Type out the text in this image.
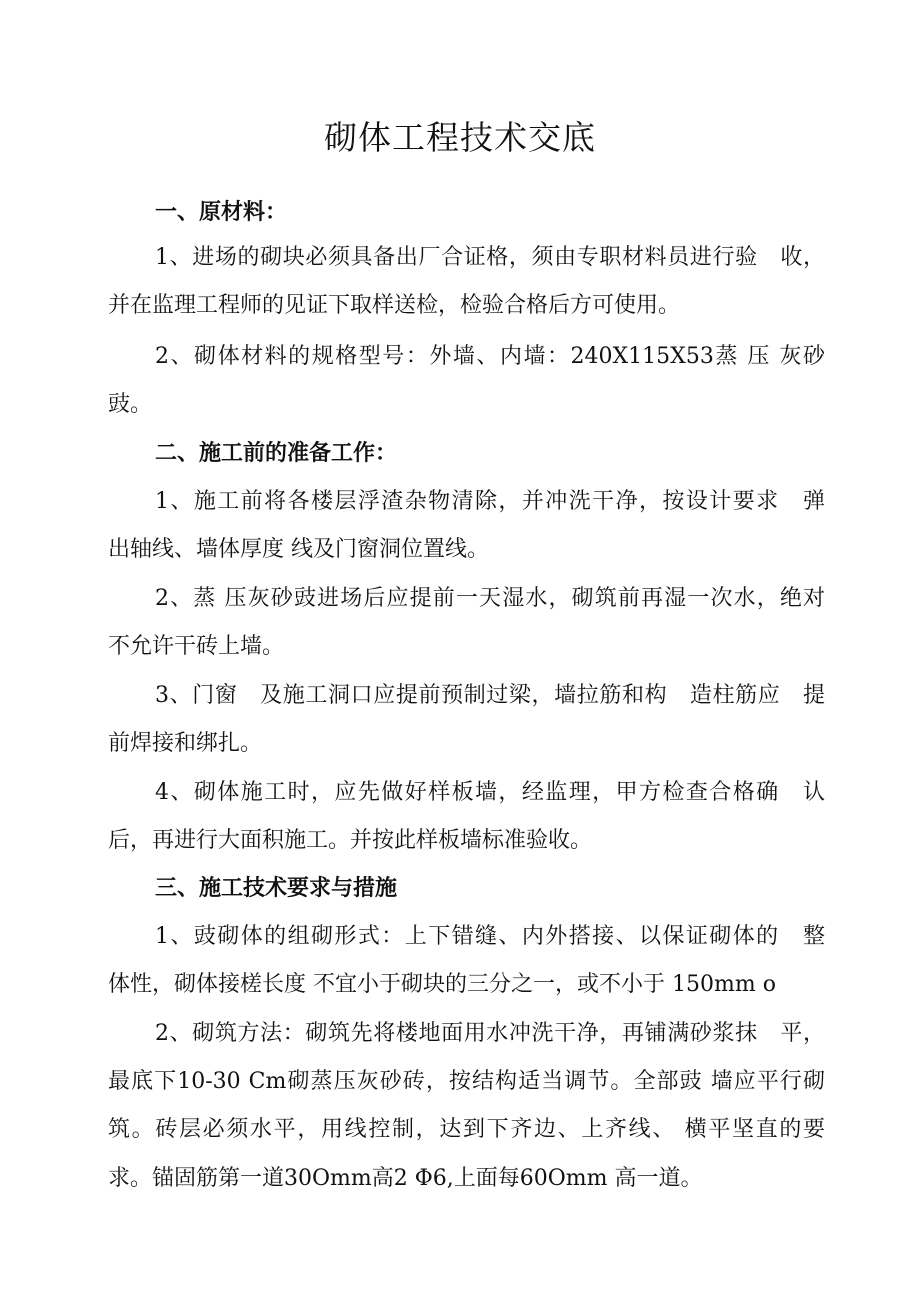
砌体工程技术交底
一、原材料：
1、进场的砌块必须具备出厂合证格，须由专职材料员进行验　收，
并在监理工程师的见证下取样送检，检验合格后方可使用。
2、砌体材料的规格型号：外墙、内墙：240X115X53蒸 压 灰砂
豉。
二、施工前的准备工作：
1、施工前将各楼层浮渣杂物清除，并冲洗干净，按设计要求　弹
出轴线、墙体厚度 线及门窗洞位置线。
2、蒸 压灰砂豉进场后应提前一天湿水，砌筑前再湿一次水，绝对
不允许干砖上墙。
3、门窗　及施工洞口应提前预制过梁，墙拉筋和构　造柱筋应　提
前焊接和绑扎。
4、砌体施工时，应先做好样板墙，经监理，甲方检查合格确　认
后，再进行大面积施工。并按此样板墙标准验收。
三、施工技术要求与措施
1、豉砌体的组砌形式：上下错缝、内外搭接、以保证砌体的　整
体性，砌体接槎长度 不宜小于砌块的三分之一，或不小于 150mm o
2、砌筑方法：砌筑先将楼地面用水冲洗干净，再铺满砂浆抹　平，
最底下10-30 Cm砌蒸压灰砂砖，按结构适当调节。全部豉 墙应平行砌
筑。砖层必须水平，用线控制，达到下齐边、上齐线、 横平坚直的要
求。锚固筋第一道30Omm高2 Φ6,上面每60Omm 高一道。
